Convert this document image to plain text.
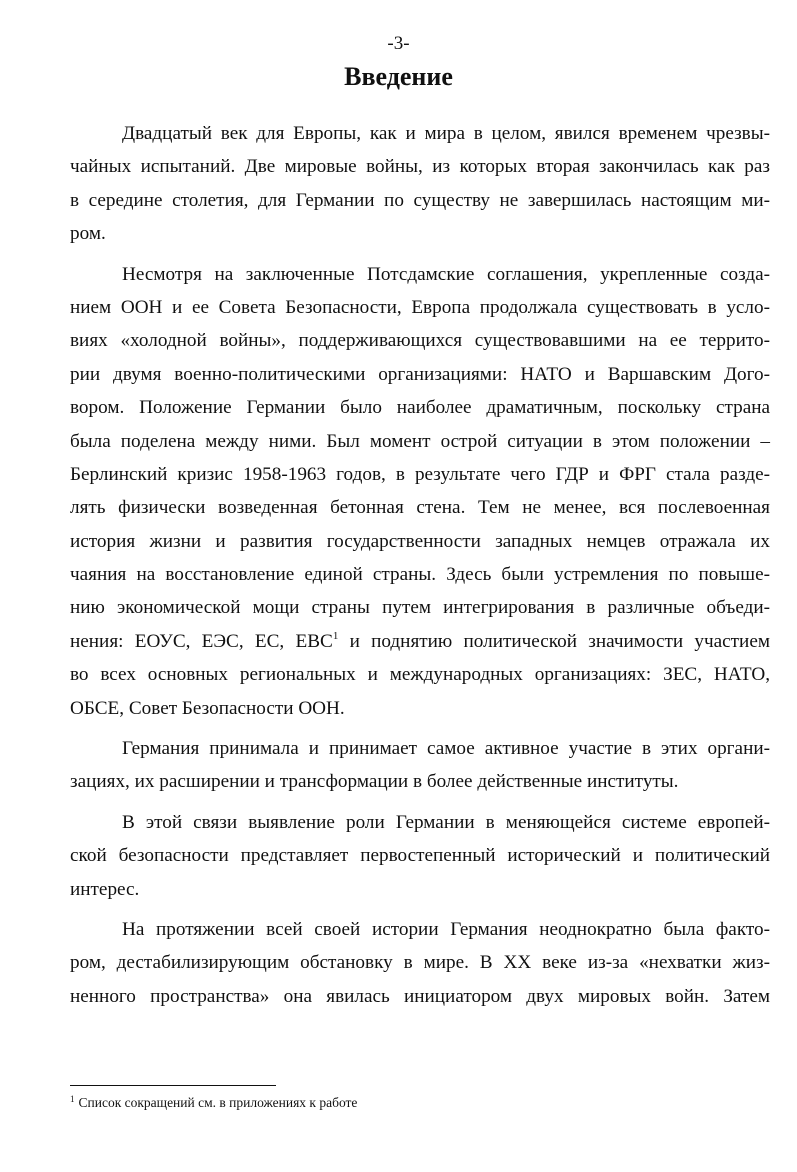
-3-
Введение
Двадцатый век для Европы, как и мира в целом, явился временем чрезвы-
чайных испытаний. Две мировые войны, из которых вторая закончилась как раз
в середине столетия, для Германии по существу не завершилась настоящим ми-
ром.
Несмотря на заключенные Потсдамские соглашения, укрепленные созда-
нием ООН и ее Совета Безопасности, Европа продолжала существовать в усло-
виях «холодной войны», поддерживающихся существовавшими на ее террито-
рии двумя военно-политическими организациями: НАТО и Варшавским Дого-
вором. Положение Германии было наиболее драматичным, поскольку страна
была поделена между ними. Был момент острой ситуации в этом положении –
Берлинский кризис 1958-1963 годов, в результате чего ГДР и ФРГ стала разде-
лять физически возведенная бетонная стена. Тем не менее, вся послевоенная
история жизни и развития государственности западных немцев отражала их
чаяния на восстановление единой страны. Здесь были устремления по повыше-
нию экономической мощи страны путем интегрирования в различные объеди-
нения: ЕОУС, ЕЭС, ЕС, ЕВС$^1$ и поднятию политической значимости участием
во всех основных региональных и международных организациях: ЗЕС, НАТО,
ОБСЕ, Совет Безопасности ООН.
Германия принимала и принимает самое активное участие в этих органи-
зациях, их расширении и трансформации в более действенные институты.
В этой связи выявление роли Германии в меняющейся системе европей-
ской безопасности представляет первостепенный исторический и политический
интерес.
На протяжении всей своей истории Германия неоднократно была факто-
ром, дестабилизирующим обстановку в мире. В ХХ веке из-за «нехватки жиз-
ненного пространства» она явилась инициатором двух мировых войн. Затем
$^1$ Список сокращений см. в приложениях к работе
